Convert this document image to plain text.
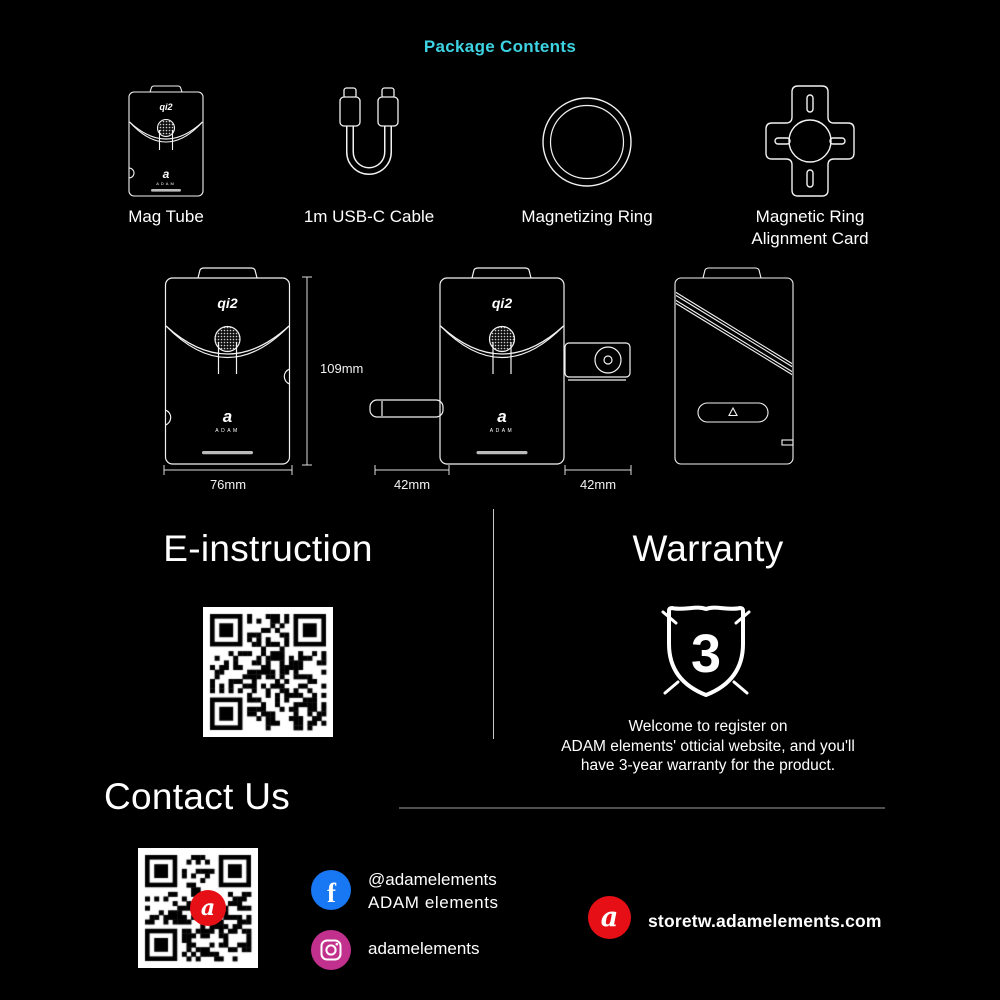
Package Contents
qi2
a
ADAM
Mag Tube	1m USB-C Cable	Magnetizing Ring	Magnetic Ring
Alignment Card
qi2
a
ADAM
109mm
76mm
qi2
a
ADAM
42mm	42mm
E-instruction	Warranty
3
Welcome to register on
ADAM elements' otticial website, and you'll
have 3-year warranty for the product.
Contact Us
a	f @adamelements
ADAM elements
adamelements
a storetw.adamelements.com
